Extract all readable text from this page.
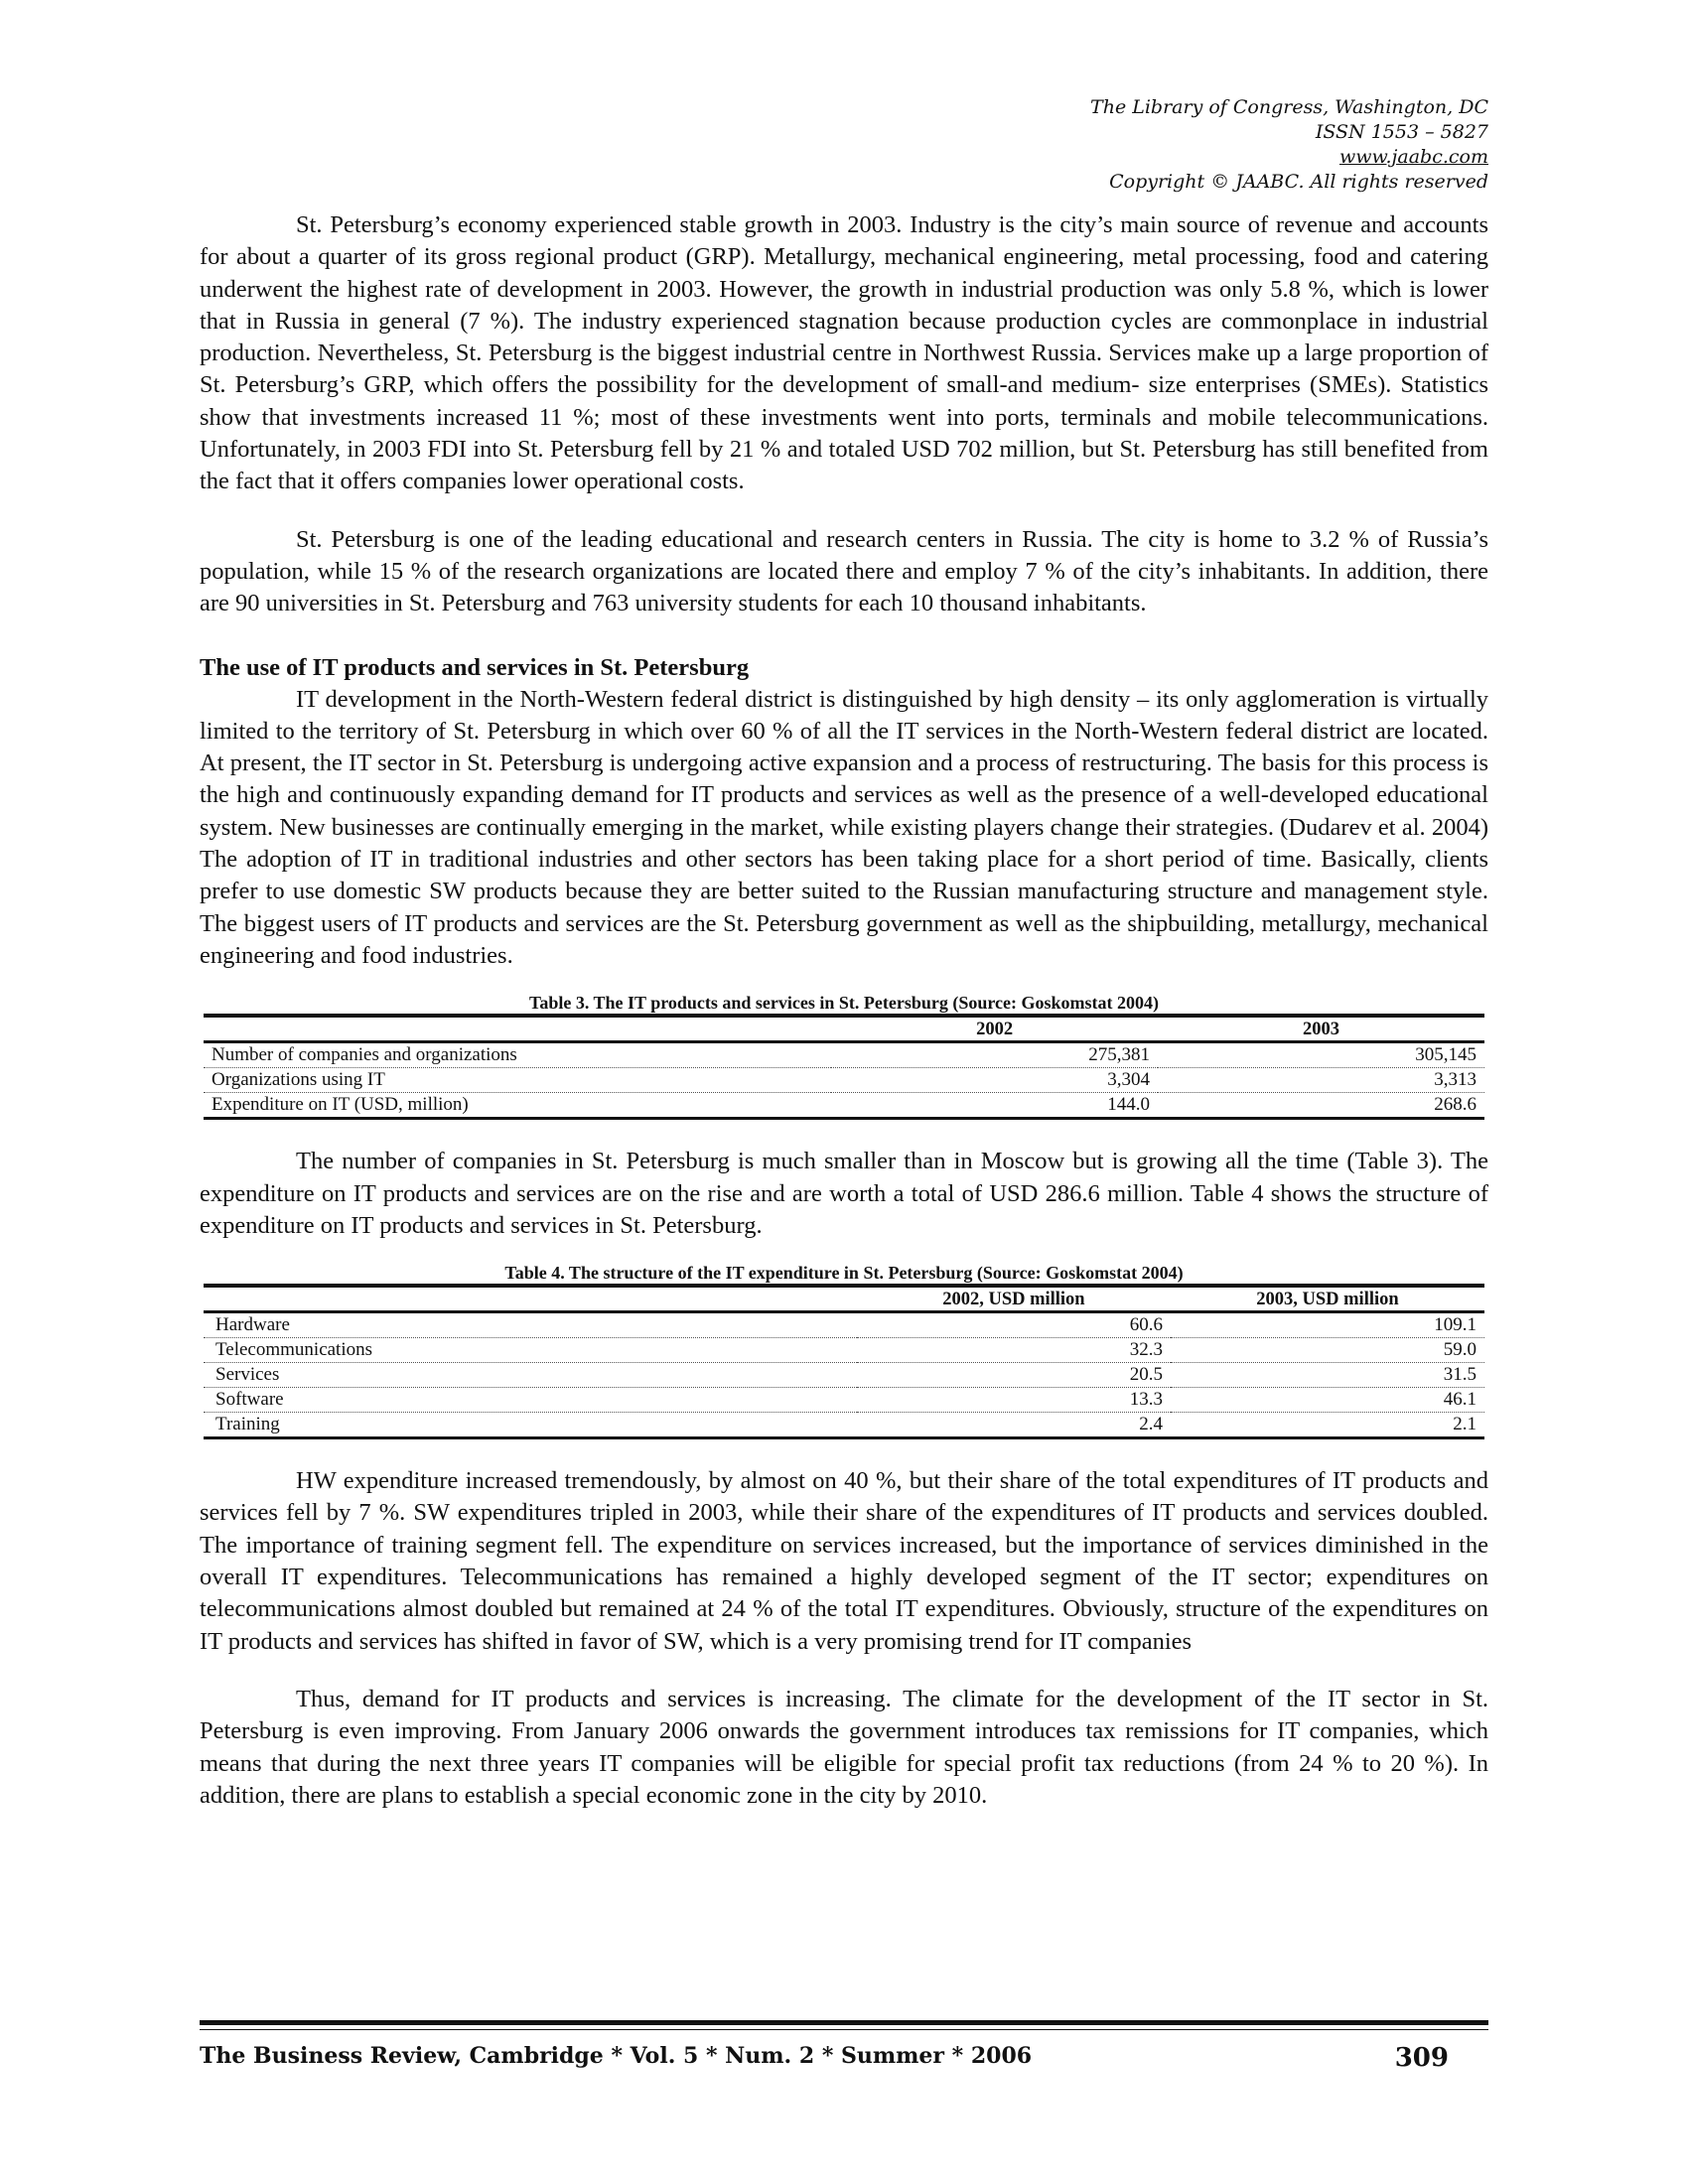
The Library of Congress, Washington, DC
ISSN 1553 – 5827
www.jaabc.com
Copyright © JAABC. All rights reserved

St. Petersburg’s economy experienced stable growth in 2003. Industry is the city’s main source of revenue and accounts for about a quarter of its gross regional product (GRP). Metallurgy, mechanical engineering, metal processing, food and catering underwent the highest rate of development in 2003. However, the growth in industrial production was only 5.8 %, which is lower that in Russia in general (7 %). The industry experienced stagnation because production cycles are commonplace in industrial production. Nevertheless, St. Petersburg is the biggest industrial centre in Northwest Russia. Services make up a large proportion of St. Petersburg’s GRP, which offers the possibility for the development of small-and medium- size enterprises (SMEs). Statistics show that investments increased 11 %; most of these investments went into ports, terminals and mobile telecommunications. Unfortunately, in 2003 FDI into St. Petersburg fell by 21 % and totaled USD 702 million, but St. Petersburg has still benefited from the fact that it offers companies lower operational costs.

St. Petersburg is one of the leading educational and research centers in Russia. The city is home to 3.2 % of Russia’s population, while 15 % of the research organizations are located there and employ 7 % of the city’s inhabitants. In addition, there are 90 universities in St. Petersburg and 763 university students for each 10 thousand inhabitants.

The use of IT products and services in St. Petersburg

IT development in the North-Western federal district is distinguished by high density – its only agglomeration is virtually limited to the territory of St. Petersburg in which over 60 % of all the IT services in the North-Western federal district are located. At present, the IT sector in St. Petersburg is undergoing active expansion and a process of restructuring. The basis for this process is the high and continuously expanding demand for IT products and services as well as the presence of a well-developed educational system. New businesses are continually emerging in the market, while existing players change their strategies. (Dudarev et al. 2004) The adoption of IT in traditional industries and other sectors has been taking place for a short period of time. Basically, clients prefer to use domestic SW products because they are better suited to the Russian manufacturing structure and management style. The biggest users of IT products and services are the St. Petersburg government as well as the shipbuilding, metallurgy, mechanical engineering and food industries.

Table 3. The IT products and services in St. Petersburg (Source: Goskomstat 2004)
	2002	2003
Number of companies and organizations	275,381	305,145
Organizations using IT	3,304	3,313
Expenditure on IT (USD, million)	144.0	268.6

The number of companies in St. Petersburg is much smaller than in Moscow but is growing all the time (Table 3). The expenditure on IT products and services are on the rise and are worth a total of USD 286.6 million. Table 4 shows the structure of expenditure on IT products and services in St. Petersburg.

Table 4. The structure of the IT expenditure in St. Petersburg (Source: Goskomstat 2004)
	2002, USD million	2003, USD million
Hardware	60.6	109.1
Telecommunications	32.3	59.0
Services	20.5	31.5
Software	13.3	46.1
Training	2.4	2.1

HW expenditure increased tremendously, by almost on 40 %, but their share of the total expenditures of IT products and services fell by 7 %. SW expenditures tripled in 2003, while their share of the expenditures of IT products and services doubled. The importance of training segment fell. The expenditure on services increased, but the importance of services diminished in the overall IT expenditures. Telecommunications has remained a highly developed segment of the IT sector; expenditures on telecommunications almost doubled but remained at 24 % of the total IT expenditures. Obviously, structure of the expenditures on IT products and services has shifted in favor of SW, which is a very promising trend for IT companies

Thus, demand for IT products and services is increasing. The climate for the development of the IT sector in St. Petersburg is even improving. From January 2006 onwards the government introduces tax remissions for IT companies, which means that during the next three years IT companies will be eligible for special profit tax reductions (from 24 % to 20 %). In addition, there are plans to establish a special economic zone in the city by 2010.

The Business Review, Cambridge * Vol. 5 * Num. 2 * Summer * 2006	309
